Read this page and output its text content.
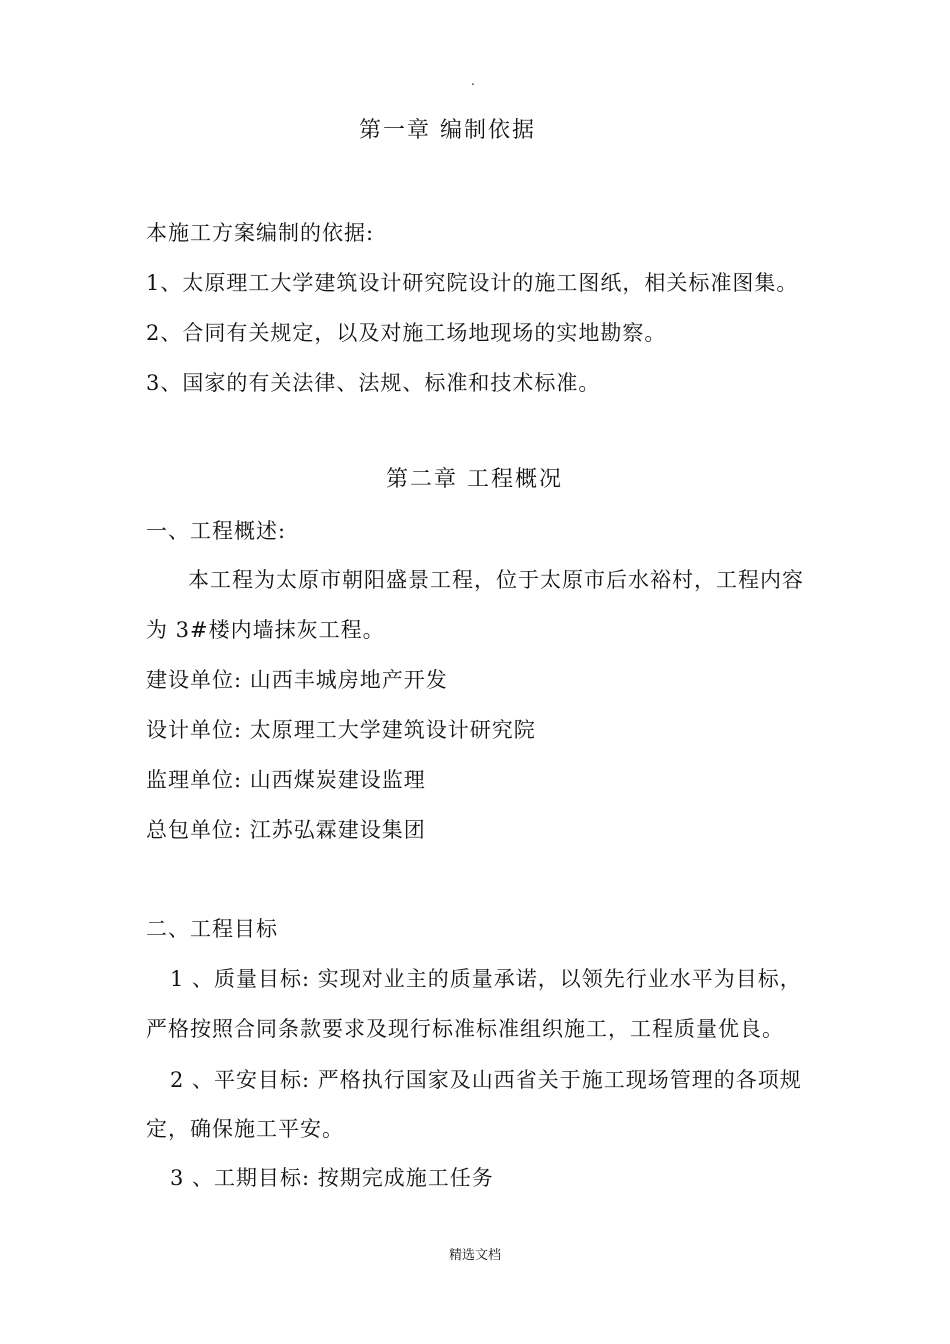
.
第一章 编制依据
本施工方案编制的依据:
1、太原理工大学建筑设计研究院设计的施工图纸，相关标准图集。
2、合同有关规定，以及对施工场地现场的实地勘察。
3、国家的有关法律、法规、标准和技术标准。
第二章 工程概况
一、工程概述:
本工程为太原市朝阳盛景工程，位于太原市后水裕村，工程内容
为 3#楼内墙抹灰工程。
建设单位: 山西丰城房地产开发
设计单位: 太原理工大学建筑设计研究院
监理单位: 山西煤炭建设监理
总包单位: 江苏弘霖建设集团
二、工程目标
1 、质量目标: 实现对业主的质量承诺，以领先行业水平为目标，
严格按照合同条款要求及现行标准标准组织施工，工程质量优良。
2 、平安目标: 严格执行国家及山西省关于施工现场管理的各项规
定，确保施工平安。
3 、工期目标: 按期完成施工任务
精选文档
